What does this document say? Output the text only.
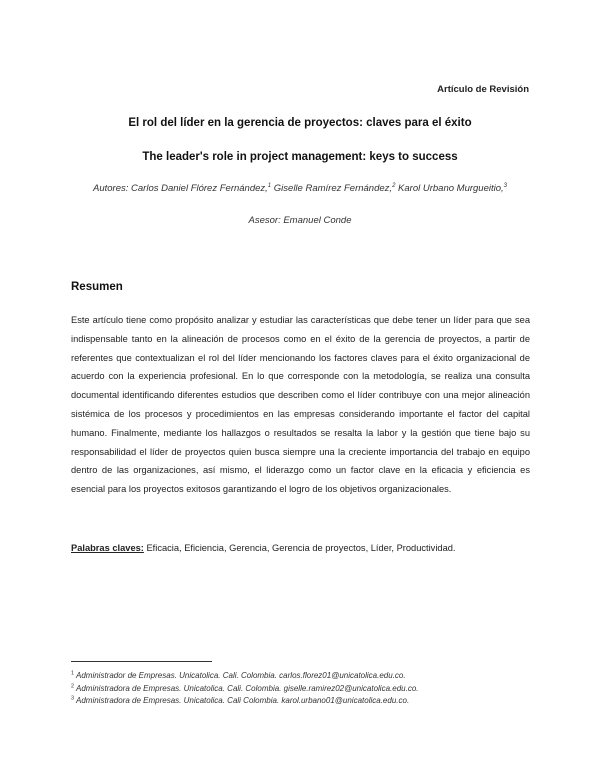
Artículo de Revisión
El rol del líder en la gerencia de proyectos: claves para el éxito
The leader's role in project management: keys to success
Autores: Carlos Daniel Flórez Fernández,$^1$ Giselle Ramírez Fernández,$^2$ Karol Urbano Murgueitio,$^3$
Asesor: Emanuel Conde
Resumen

Este artículo tiene como propósito analizar y estudiar las características que debe tener un líder para que sea indispensable tanto en la alineación de procesos como en el éxito de la gerencia de proyectos, a partir de referentes que contextualizan el rol del líder mencionando los factores claves para el éxito organizacional de acuerdo con la experiencia profesional. En lo que corresponde con la metodología, se realiza una consulta documental identificando diferentes estudios que describen como el líder contribuye con una mejor alineación sistémica de los procesos y procedimientos en las empresas considerando importante el factor del capital humano. Finalmente, mediante los hallazgos o resultados se resalta la labor y la gestión que tiene bajo su responsabilidad el líder de proyectos quien busca siempre una la creciente importancia del trabajo en equipo dentro de las organizaciones, así mismo, el liderazgo como un factor clave en la eficacia y eficiencia es esencial para los proyectos exitosos garantizando el logro de los objetivos organizacionales.

Palabras claves: Eficacia, Eficiencia, Gerencia, Gerencia de proyectos, Líder, Productividad.
$^1$ Administrador de Empresas. Unicatolica. Cali. Colombia. carlos.florez01@unicatolica.edu.co.
$^2$ Administradora de Empresas. Unicatolica. Cali. Colombia. giselle.ramirez02@unicatolica.edu.co.
$^3$ Administradora de Empresas. Unicatolica. Cali Colombia. karol.urbano01@unicatolica.edu.co.
